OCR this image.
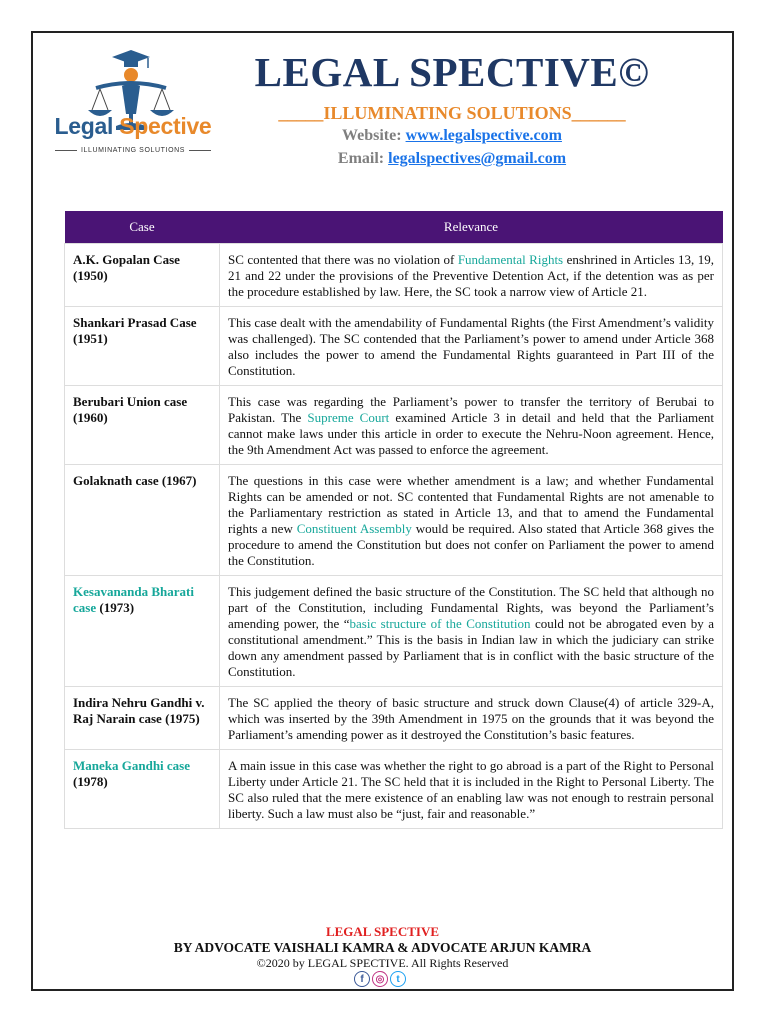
Legal Spective
ILLUMINATING SOLUTIONS
LEGAL SPECTIVE©
_____ILLUMINATING SOLUTIONS______
Website: www.legalspective.com
Email: legalspectives@gmail.com
Case	Relevance
A.K. Gopalan Case (1950)	SC contented that there was no violation of Fundamental Rights enshrined in Articles 13, 19, 21 and 22 under the provisions of the Preventive Detention Act, if the detention was as per the procedure established by law. Here, the SC took a narrow view of Article 21.
Shankari Prasad Case (1951)	This case dealt with the amendability of Fundamental Rights (the First Amendment’s validity was challenged). The SC contended that the Parliament’s power to amend under Article 368 also includes the power to amend the Fundamental Rights guaranteed in Part III of the Constitution.
Berubari Union case (1960)	This case was regarding the Parliament’s power to transfer the territory of Berubai to Pakistan. The Supreme Court examined Article 3 in detail and held that the Parliament cannot make laws under this article in order to execute the Nehru-Noon agreement. Hence, the 9th Amendment Act was passed to enforce the agreement.
Golaknath case (1967)	The questions in this case were whether amendment is a law; and whether Fundamental Rights can be amended or not. SC contented that Fundamental Rights are not amenable to the Parliamentary restriction as stated in Article 13, and that to amend the Fundamental rights a new Constituent Assembly would be required. Also stated that Article 368 gives the procedure to amend the Constitution but does not confer on Parliament the power to amend the Constitution.
Kesavananda Bharati case (1973)	This judgement defined the basic structure of the Constitution. The SC held that although no part of the Constitution, including Fundamental Rights, was beyond the Parliament’s amending power, the “basic structure of the Constitution could not be abrogated even by a constitutional amendment.” This is the basis in Indian law in which the judiciary can strike down any amendment passed by Parliament that is in conflict with the basic structure of the Constitution.
Indira Nehru Gandhi v. Raj Narain case (1975)	The SC applied the theory of basic structure and struck down Clause(4) of article 329-A, which was inserted by the 39th Amendment in 1975 on the grounds that it was beyond the Parliament’s amending power as it destroyed the Constitution’s basic features.
Maneka Gandhi case (1978)	A main issue in this case was whether the right to go abroad is a part of the Right to Personal Liberty under Article 21. The SC held that it is included in the Right to Personal Liberty. The SC also ruled that the mere existence of an enabling law was not enough to restrain personal liberty. Such a law must also be “just, fair and reasonable.”
LEGAL SPECTIVE
BY ADVOCATE VAISHALI KAMRA & ADVOCATE ARJUN KAMRA
©2020 by LEGAL SPECTIVE. All Rights Reserved
f	◎	t
